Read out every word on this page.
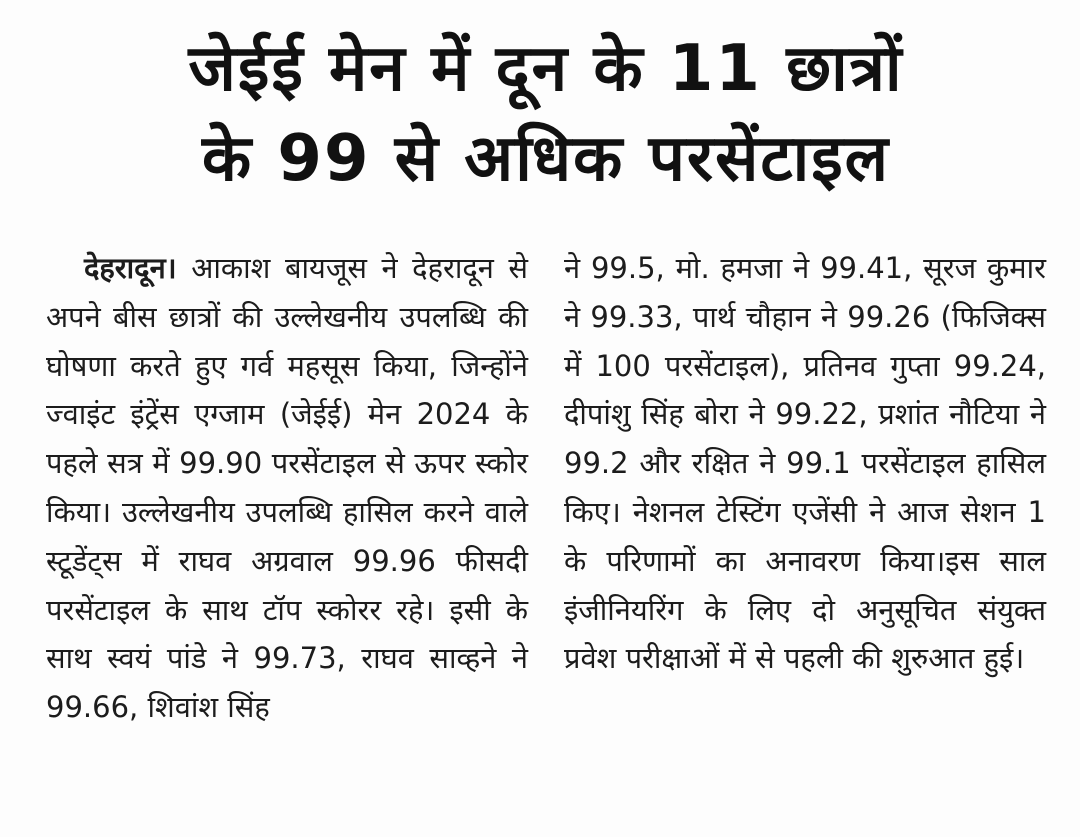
जेईई मेन में दून के 11 छात्रों
के 99 से अधिक परसेंटाइल

देहरादून। आकाश बायजूस ने देहरादून से अपने बीस छात्रों की उल्लेखनीय उपलब्धि की घोषणा करते हुए गर्व महसूस किया, जिन्होंने ज्वाइंट इंट्रेंस एग्जाम (जेईई) मेन 2024 के पहले सत्र में 99.90 परसेंटाइल से ऊपर स्कोर किया। उल्लेखनीय उपलब्धि हासिल करने वाले स्टूडेंट्स में राघव अग्रवाल 99.96 फीसदी परसेंटाइल के साथ टॉप स्कोरर रहे। इसी के साथ स्वयं पांडे ने 99.73, राघव साव्हने ने 99.66, शिवांश सिंह

ने 99.5, मो. हमजा ने 99.41, सूरज कुमार ने 99.33, पार्थ चौहान ने 99.26 (फिजिक्स में 100 परसेंटाइल), प्रतिनव गुप्ता 99.24, दीपांशु सिंह बोरा ने 99.22, प्रशांत नौटिया ने 99.2 और रक्षित ने 99.1 परसेंटाइल हासिल किए। नेशनल टेस्टिंग एजेंसी ने आज सेशन 1 के परिणामों का अनावरण किया।इस साल इंजीनियरिंग के लिए दो अनुसूचित संयुक्त प्रवेश परीक्षाओं में से पहली की शुरुआत हुई।
